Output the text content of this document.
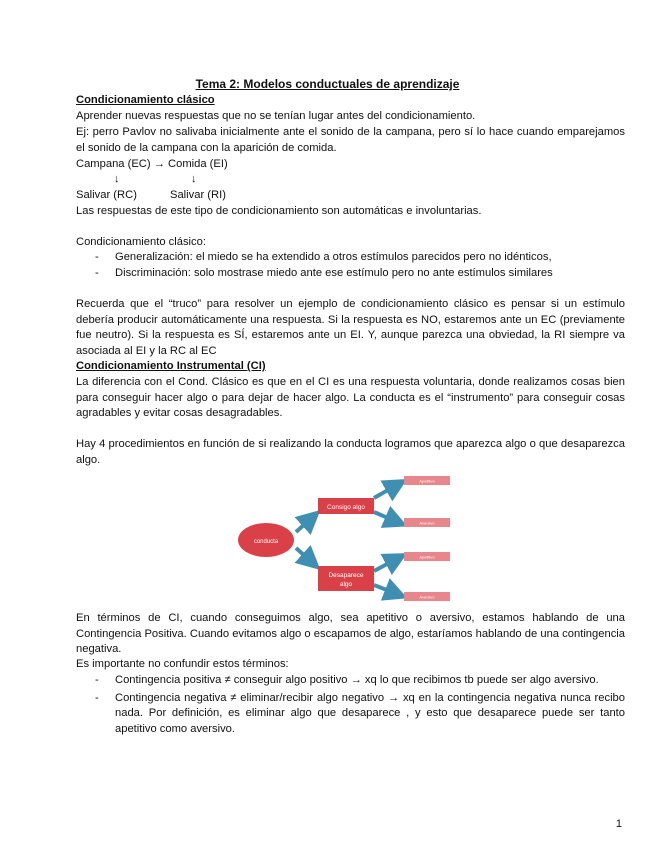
Tema 2: Modelos conductuales de aprendizaje

Condicionamiento clásico

Aprender nuevas respuestas que no se tenían lugar antes del condicionamiento.

Ej: perro Pavlov no salivaba inicialmente ante el sonido de la campana, pero sí lo hace cuando emparejamos el sonido de la campana con la aparición de comida.

Campana (EC) → Comida (EI)

↓	↓

Salivar (RC)	Salivar (RI)

Las respuestas de este tipo de condicionamiento son automáticas e involuntarias.

Condicionamiento clásico:

- Generalización: el miedo se ha extendido a otros estímulos parecidos pero no idénticos,
- Discriminación: solo mostrase miedo ante ese estímulo pero no ante estímulos similares

Recuerda que el “truco” para resolver un ejemplo de condicionamiento clásico es pensar si un estímulo debería producir automáticamente una respuesta. Si la respuesta es NO, estaremos ante un EC (previamente fue neutro). Si la respuesta es SÍ, estaremos ante un EI. Y, aunque parezca una obviedad, la RI siempre va asociada al EI y la RC al EC

Condicionamiento Instrumental (CI)

La diferencia con el Cond. Clásico es que en el CI es una respuesta voluntaria, donde realizamos cosas bien para conseguir hacer algo o para dejar de hacer algo. La conducta es el “instrumento” para conseguir cosas agradables y evitar cosas desagradables.

Hay 4 procedimientos en función de si realizando la conducta logramos que aparezca algo o que desaparezca algo.

conducta
Consigo algo
Desaparece
algo
Apetitivo
Aversivo
Apetitivo
Aversivo

En términos de CI, cuando conseguimos algo, sea apetitivo o aversivo, estamos hablando de una Contingencia Positiva. Cuando evitamos algo o escapamos de algo, estaríamos hablando de una contingencia negativa.

Es importante no confundir estos términos:

- Contingencia positiva ≠ conseguir algo positivo → xq lo que recibimos tb puede ser algo aversivo.
- Contingencia negativa ≠ eliminar/recibir algo negativo → xq en la contingencia negativa nunca recibo nada. Por definición, es eliminar algo que desaparece , y esto que desaparece puede ser tanto apetitivo como aversivo.
1
